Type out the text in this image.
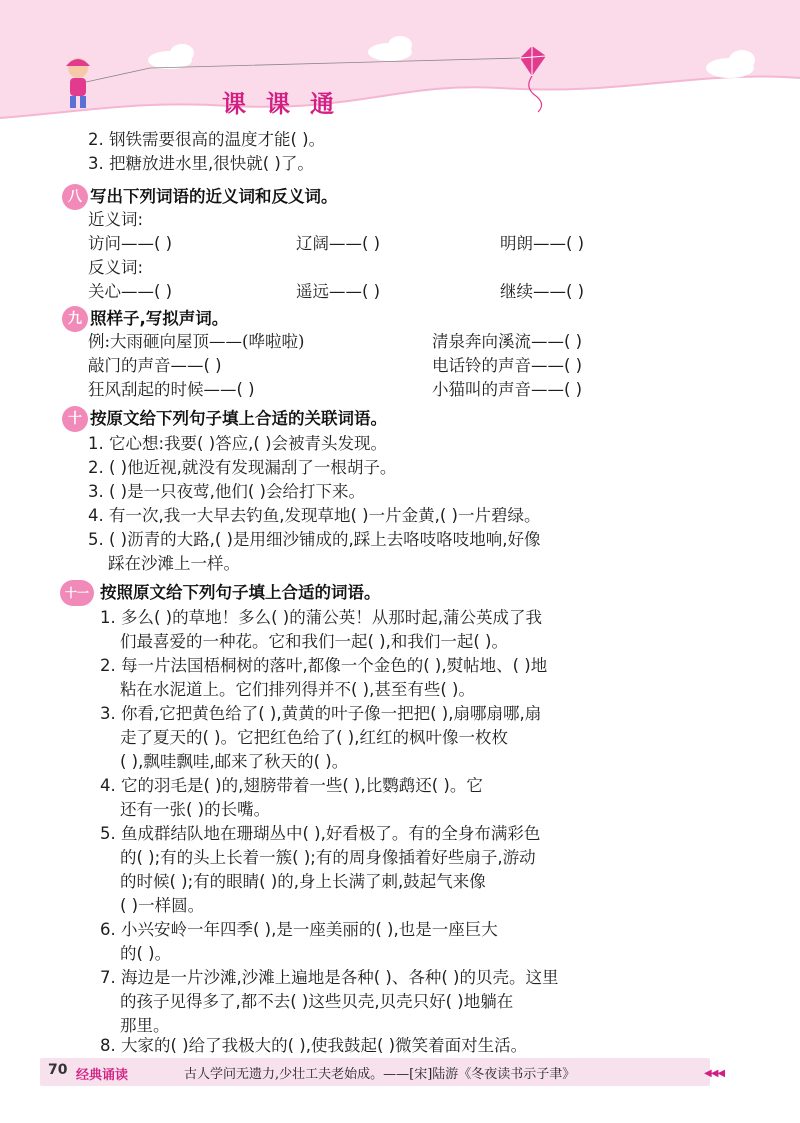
课课通
2. 钢铁需要很高的温度才能( )。
3. 把糖放进水里,很快就( )了。
八 写出下列词语的近义词和反义词。
近义词:
访问——( )	辽阔——( )	明朗——( )
反义词:
关心——( )	遥远——( )	继续——( )
九 照样子,写拟声词。
例:大雨砸向屋顶——(哗啦啦)	清泉奔向溪流——( )
敲门的声音——( )	电话铃的声音——( )
狂风刮起的时候——( )	小猫叫的声音——( )
十 按原文给下列句子填上合适的关联词语。
1. 它心想:我要( )答应,( )会被青头发现。
2. ( )他近视,就没有发现漏刮了一根胡子。
3. ( )是一只夜莺,他们( )会给打下来。
4. 有一次,我一大早去钓鱼,发现草地( )一片金黄,( )一片碧绿。
5. ( )沥青的大路,( )是用细沙铺成的,踩上去咯吱咯吱地响,好像
踩在沙滩上一样。
十一 按照原文给下列句子填上合适的词语。
1. 多么( )的草地！多么( )的蒲公英！从那时起,蒲公英成了我
们最喜爱的一种花。它和我们一起( ),和我们一起( )。
2. 每一片法国梧桐树的落叶,都像一个金色的( ),熨帖地、( )地
粘在水泥道上。它们排列得并不( ),甚至有些( )。
3. 你看,它把黄色给了( ),黄黄的叶子像一把把( ),扇哪扇哪,扇
走了夏天的( )。它把红色给了( ),红红的枫叶像一枚枚
( ),飘哇飘哇,邮来了秋天的( )。
4. 它的羽毛是( )的,翅膀带着一些( ),比鹦鹉还( )。它
还有一张( )的长嘴。
5. 鱼成群结队地在珊瑚丛中( ),好看极了。有的全身布满彩色
的( );有的头上长着一簇( );有的周身像插着好些扇子,游动
的时候( );有的眼睛( )的,身上长满了刺,鼓起气来像
( )一样圆。
6. 小兴安岭一年四季( ),是一座美丽的( ),也是一座巨大
的( )。
7. 海边是一片沙滩,沙滩上遍地是各种( )、各种( )的贝壳。这里
的孩子见得多了,都不去( )这些贝壳,贝壳只好( )地躺在
那里。
8. 大家的( )给了我极大的( ),使我鼓起( )微笑着面对生活。
70 经典诵读	古人学问无遗力,少壮工夫老始成。——[宋]陆游《冬夜读书示子聿》	◀◀◀
